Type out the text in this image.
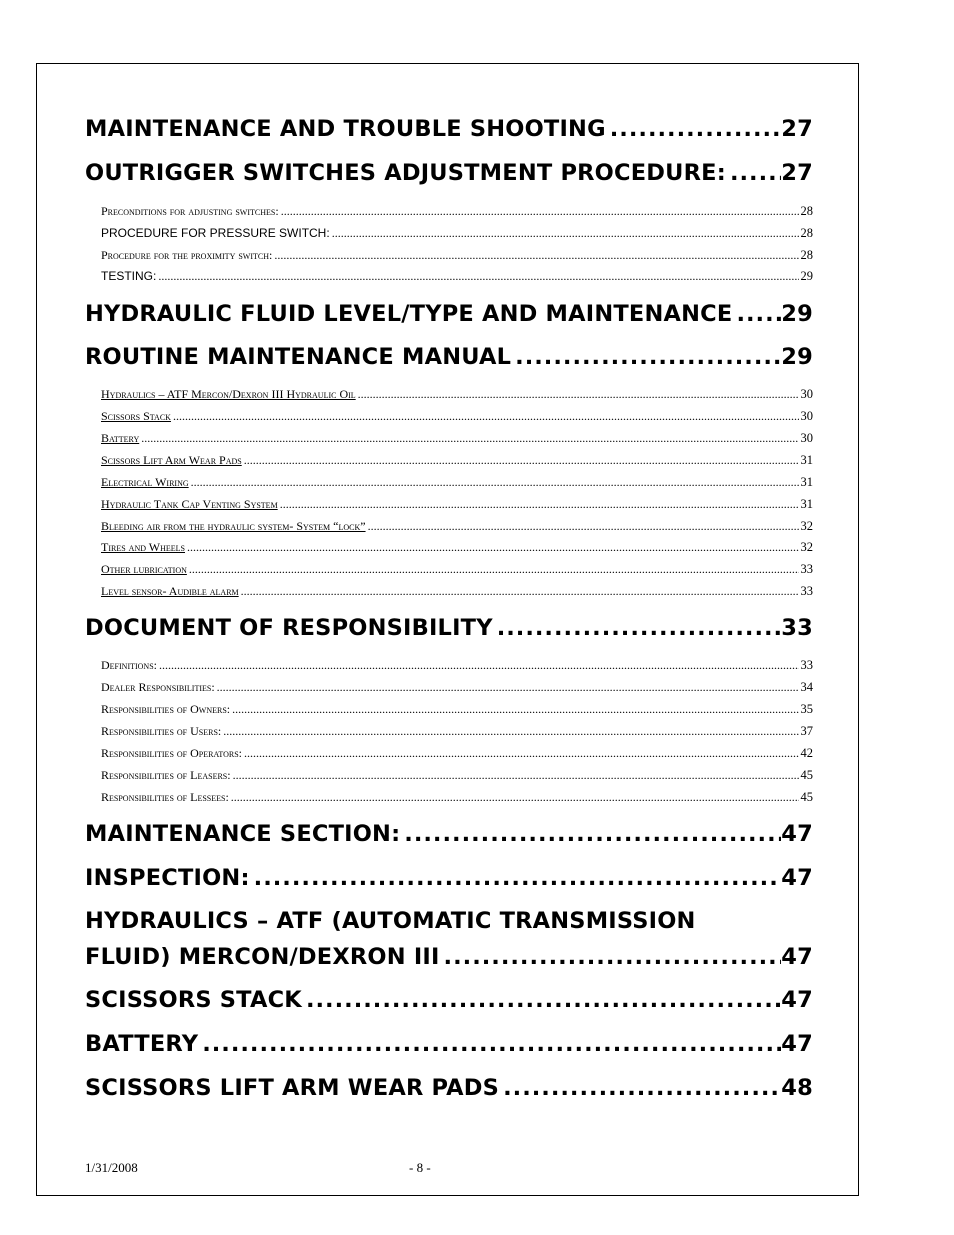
MAINTENANCE AND TROUBLE SHOOTING .....	27
OUTRIGGER SWITCHES ADJUSTMENT PROCEDURE: ..... 27
Preconditions for adjusting switches: .....	28
PROCEDURE FOR PRESSURE SWITCH: .....	28
Procedure for the proximity switch: .....	28
TESTING: .....	29
HYDRAULIC FLUID LEVEL/TYPE AND MAINTENANCE ..... 29
ROUTINE MAINTENANCE MANUAL .....	29
Hydraulics – ATF Mercon/Dexron III Hydraulic Oil .....	30
Scissors Stack .....	30
Battery .....	30
Scissors Lift Arm Wear Pads .....	31
Electrical Wiring .....	31
Hydraulic Tank Cap Venting System .....	31
Bleeding air from the hydraulic system- System “lock” .....	32
Tires and Wheels .....	32
Other lubrication .....	33
Level sensor- Audible alarm .....	33
DOCUMENT OF RESPONSIBILITY .....	33
Definitions: .....	33
Dealer Responsibilities: .....	34
Responsibilities of Owners: .....	35
Responsibilities of Users: .....	37
Responsibilities of Operators: .....	42
Responsibilities of Leasers: .....	45
Responsibilities of Lessees: .....	45
MAINTENANCE SECTION: .....	47
INSPECTION: .....	47
HYDRAULICS – ATF (AUTOMATIC TRANSMISSION
FLUID) MERCON/DEXRON III .....	47
SCISSORS STACK .....	47
BATTERY .....	47
SCISSORS LIFT ARM WEAR PADS .....	48
1/31/2008	- 8 -
